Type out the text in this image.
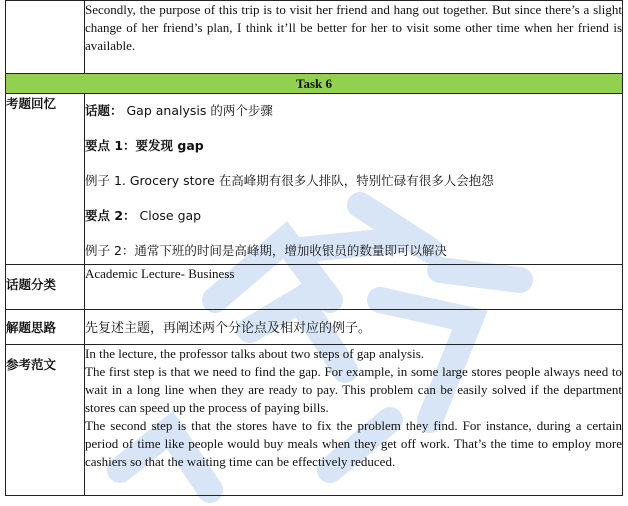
	Secondly, the purpose of this trip is to visit her friend and hang out together. But since there’s a slight change of her friend’s plan, I think it’ll be better for her to visit some other time when her friend is available.
Task 6	
考题回忆	话题： Gap analysis 的两个步骤
要点 1：要发现 gap
例子 1. Grocery store 在高峰期有很多人排队，特别忙碌有很多人会抱怨
要点 2： Close gap
例子 2：通常下班的时间是高峰期，增加收银员的数量即可以解决

话题分类	Academic Lecture- Business
解题思路	先复述主题，再阐述两个分论点及相对应的例子。
参考范文	In the lecture, the professor talks about two steps of gap analysis.

The first step is that we need to find the gap. For example, in some large stores people always need to wait in a long line when they are ready to pay. This problem can be easily solved if the department stores can speed up the process of paying bills.

The second step is that the stores have to fix the problem they find. For instance, during a certain period of time like people would buy meals when they get off work. That’s the time to employ more cashiers so that the waiting time can be effectively reduced.
